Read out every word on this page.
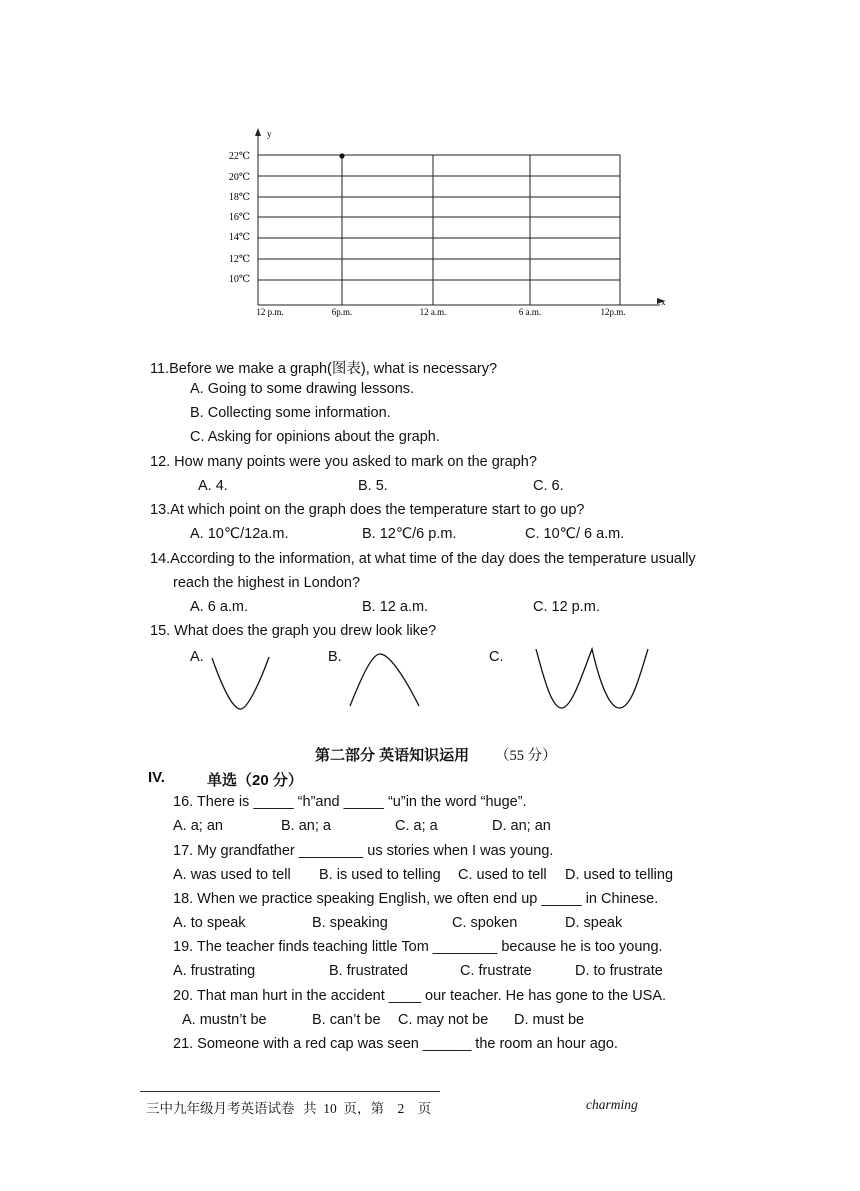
y
x
22℃
20℃
18℃
16℃
14℃
12℃
10℃
12 p.m.	6p.m.	12 a.m.	6 a.m.	12p.m.
11.Before we make a graph(图表), what is necessary?
A. Going to some drawing lessons.
B. Collecting some information.
C. Asking for opinions about the graph.
12. How many points were you asked to mark on the graph?
A. 4.	B. 5.	C. 6.
13.At which point on the graph does the temperature start to go up?
A. 10℃/12a.m.	B. 12℃/6 p.m.	C. 10℃/ 6 a.m.
14.According to the information, at what time of the day does the temperature usually
reach the highest in London?
A. 6 a.m.	B. 12 a.m.	C. 12 p.m.
15. What does the graph you drew look like?
A.	B.	C.
第二部分 英语知识运用 （55 分）
IV.	单选（20 分）
16. There is _____ “h”and _____ “u”in the word “huge”.
A. a; an	B. an; a	C. a; a	D. an; an
17. My grandfather ________ us stories when I was young.
A. was used to tell B. is used to telling C. used to tell D. used to telling
18. When we practice speaking English, we often end up _____ in Chinese.
A. to speak	B. speaking	C. spoken	D. speak
19. The teacher finds teaching little Tom ________ because he is too young.
A. frustrating	B. frustrated	C. frustrate	D. to frustrate
20. That man hurt in the accident ____ our teacher. He has gone to the USA.
A. mustn’t be	B. can’t be C. may not be D. must be
21. Someone with a red cap was seen ______ the room an hour ago.
三中九年级月考英语试卷 共  10  页，第    2    页	charming
